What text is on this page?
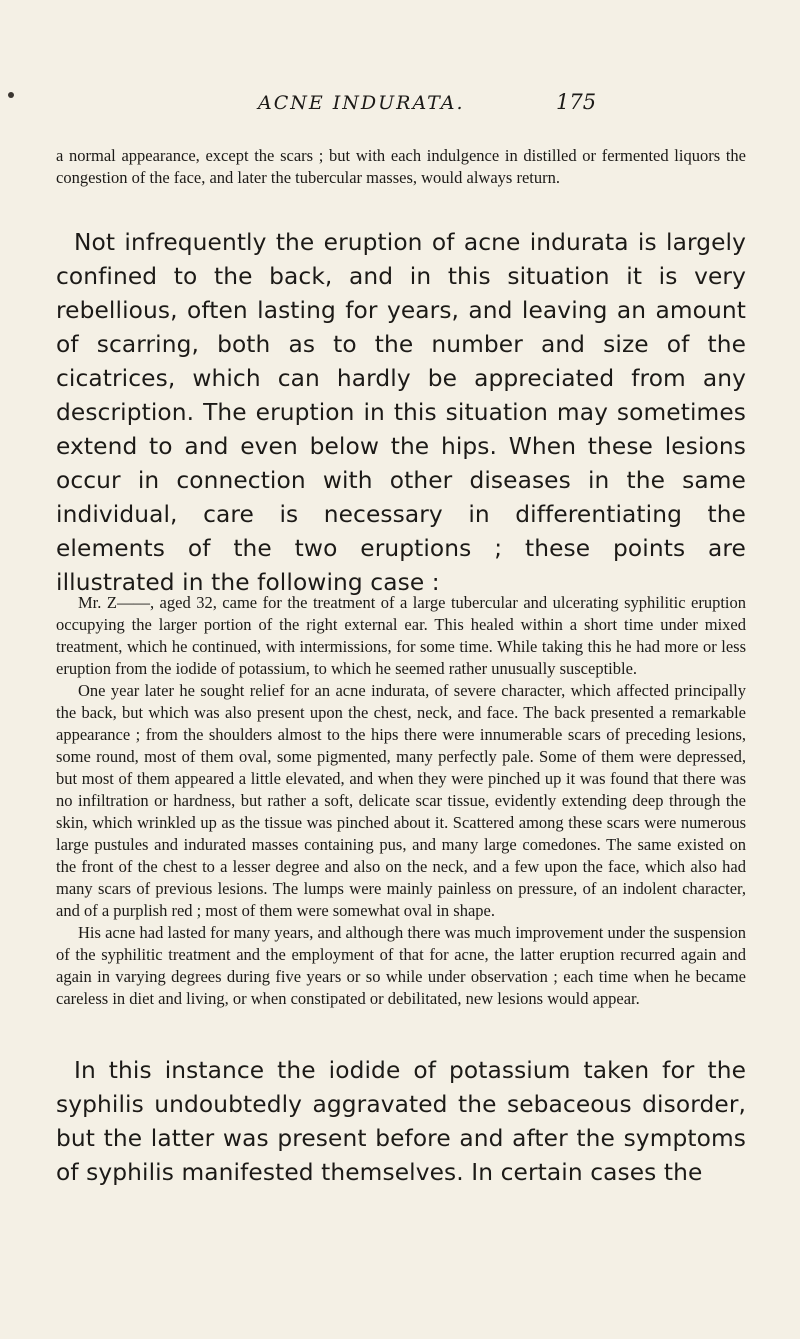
ACNE INDURATA.	175

a normal appearance, except the scars ; but with each indulgence in distilled or fermented liquors the congestion of the face, and later the tubercular masses, would always return.

Not infrequently the eruption of acne indurata is largely confined to the back, and in this situation it is very rebellious, often lasting for years, and leaving an amount of scarring, both as to the number and size of the cicatrices, which can hardly be appreciated from any description. The eruption in this situation may sometimes extend to and even below the hips. When these lesions occur in connection with other diseases in the same individual, care is necessary in differentiating the elements of the two eruptions ; these points are illustrated in the following case :

Mr. Z——, aged 32, came for the treatment of a large tubercular and ulcerating syphilitic eruption occupying the larger portion of the right external ear. This healed within a short time under mixed treatment, which he continued, with intermissions, for some time. While taking this he had more or less eruption from the iodide of potassium, to which he seemed rather unusually susceptible.

One year later he sought relief for an acne indurata, of severe character, which affected principally the back, but which was also present upon the chest, neck, and face. The back presented a remarkable appearance ; from the shoulders almost to the hips there were innumerable scars of preceding lesions, some round, most of them oval, some pigmented, many perfectly pale. Some of them were depressed, but most of them appeared a little elevated, and when they were pinched up it was found that there was no infiltration or hardness, but rather a soft, delicate scar tissue, evidently extending deep through the skin, which wrinkled up as the tissue was pinched about it. Scattered among these scars were numerous large pustules and indurated masses containing pus, and many large comedones. The same existed on the front of the chest to a lesser degree and also on the neck, and a few upon the face, which also had many scars of previous lesions. The lumps were mainly painless on pressure, of an indolent character, and of a purplish red ; most of them were somewhat oval in shape.

His acne had lasted for many years, and although there was much improvement under the suspension of the syphilitic treatment and the employment of that for acne, the latter eruption recurred again and again in varying degrees during five years or so while under observation ; each time when he became careless in diet and living, or when constipated or debilitated, new lesions would appear.

In this instance the iodide of potassium taken for the syphilis undoubtedly aggravated the sebaceous disorder, but the latter was present before and after the symptoms of syphilis manifested themselves. In certain cases the
